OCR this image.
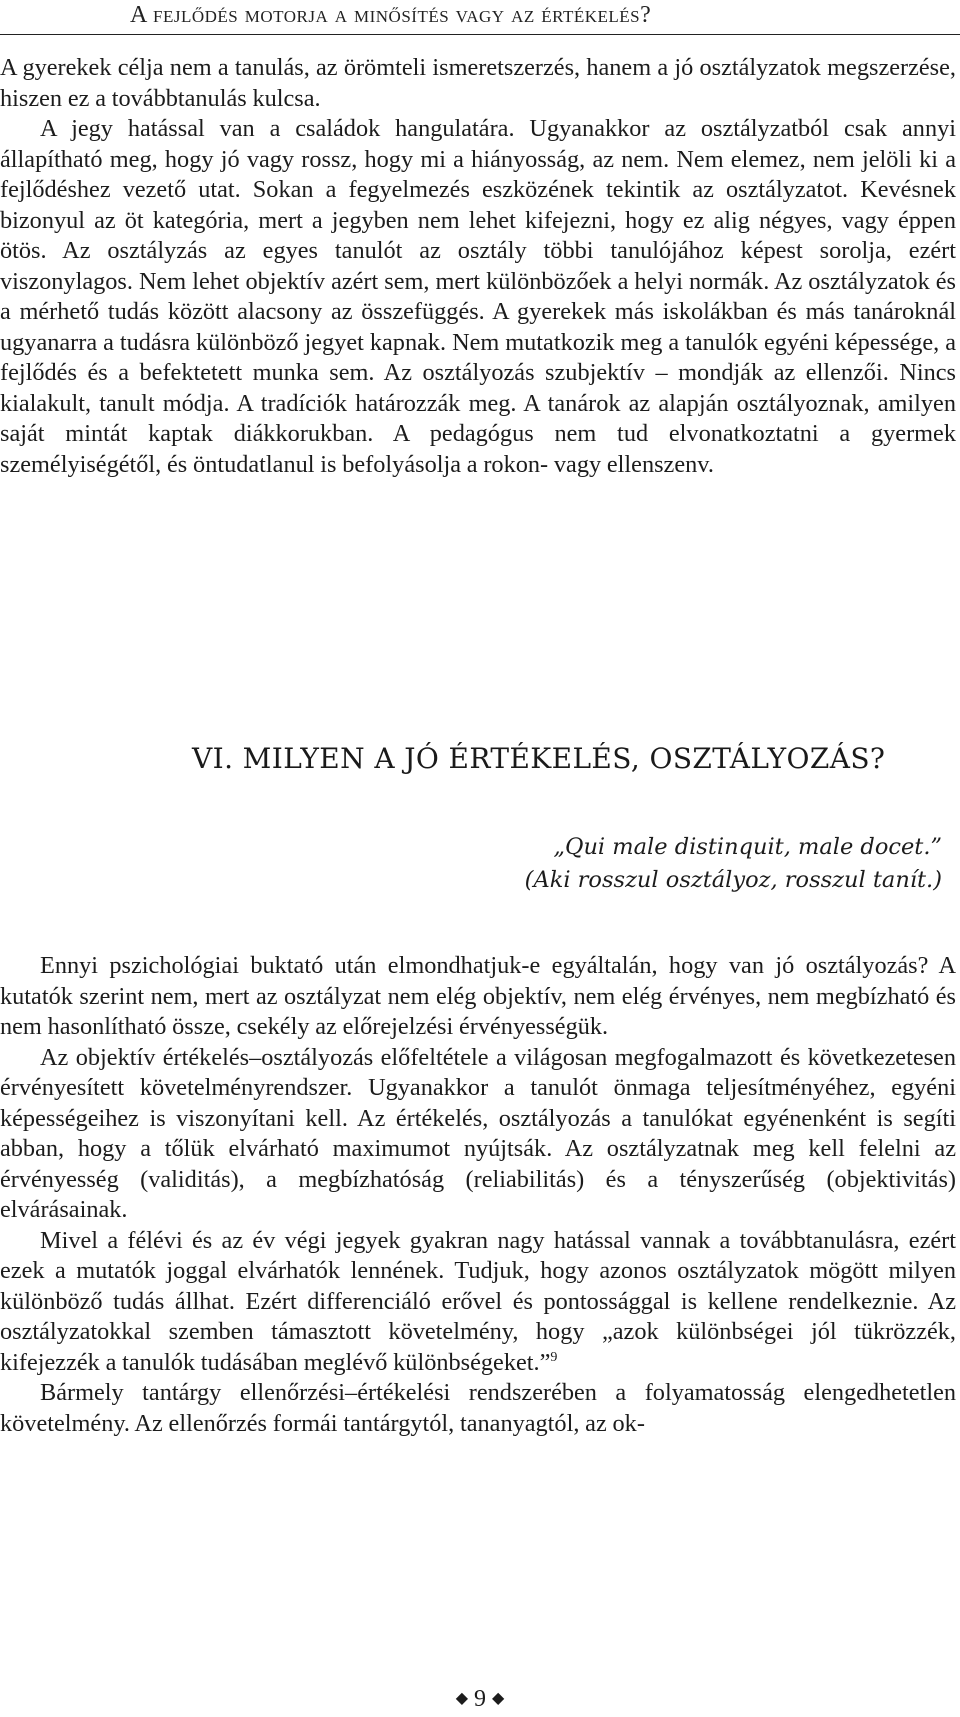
A fejlődés motorja a minősítés vagy az értékelés?

A gyerekek célja nem a tanulás, az örömteli ismeretszerzés, hanem a jó osztályzatok megszerzése, hiszen ez a továbbtanulás kulcsa.

A jegy hatással van a családok hangulatára. Ugyanakkor az osztályzatból csak annyi állapítható meg, hogy jó vagy rossz, hogy mi a hiányosság, az nem. Nem elemez, nem jelöli ki a fejlődéshez vezető utat. Sokan a fegyelmezés eszközének tekintik az osztályzatot. Kevésnek bizonyul az öt kategória, mert a jegyben nem lehet kifejezni, hogy ez alig négyes, vagy éppen ötös. Az osztályzás az egyes tanulót az osztály többi tanulójához képest sorolja, ezért viszonylagos. Nem lehet objektív azért sem, mert különbözőek a helyi normák. Az osztályzatok és a mérhető tudás között alacsony az összefüggés. A gyerekek más iskolákban és más tanároknál ugyanarra a tudásra különböző jegyet kapnak. Nem mutatkozik meg a tanulók egyéni képessége, a fejlődés és a befektetett munka sem. Az osztályozás szubjektív – mondják az ellenzői. Nincs kialakult, tanult módja. A tradíciók határozzák meg. A tanárok az alapján osztályoznak, amilyen saját mintát kaptak diákkorukban. A pedagógus nem tud elvonatkoztatni a gyermek személyiségétől, és öntudatlanul is befolyásolja a rokon- vagy ellenszenv.

VI. MILYEN A JÓ ÉRTÉKELÉS, OSZTÁLYOZÁS?
„Qui male distinquit, male docet.”
(Aki rosszul osztályoz, rosszul tanít.)

Ennyi pszichológiai buktató után elmondhatjuk-e egyáltalán, hogy van jó osztályozás? A kutatók szerint nem, mert az osztályzat nem elég objektív, nem elég érvényes, nem megbízható és nem hasonlítható össze, csekély az előrejelzési érvényességük.

Az objektív értékelés–osztályozás előfeltétele a világosan megfogalmazott és következetesen érvényesített követelményrendszer. Ugyanakkor a tanulót önmaga teljesítményéhez, egyéni képességeihez is viszonyítani kell. Az értékelés, osztályozás a tanulókat egyénenként is segíti abban, hogy a tőlük elvárható maximumot nyújtsák. Az osztályzatnak meg kell felelni az érvényesség (validitás), a megbízhatóság (reliabilitás) és a tényszerűség (objektivitás) elvárásainak.

Mivel a félévi és az év végi jegyek gyakran nagy hatással vannak a továbbtanulásra, ezért ezek a mutatók joggal elvárhatók lennének. Tudjuk, hogy azonos osztályzatok mögött milyen különböző tudás állhat. Ezért differenciáló erővel és pontossággal is kellene rendelkeznie. Az osztályzatokkal szemben támasztott követelmény, hogy „azok különbségei jól tükrözzék, kifejezzék a tanulók tudásában meglévő különbségeket.”$^9$

Bármely tantárgy ellenőrzési–értékelési rendszerében a folyamatosság elengedhetetlen követelmény. Az ellenőrzés formái tantárgytól, tananyagtól, az ok-

◆ 9 ◆
